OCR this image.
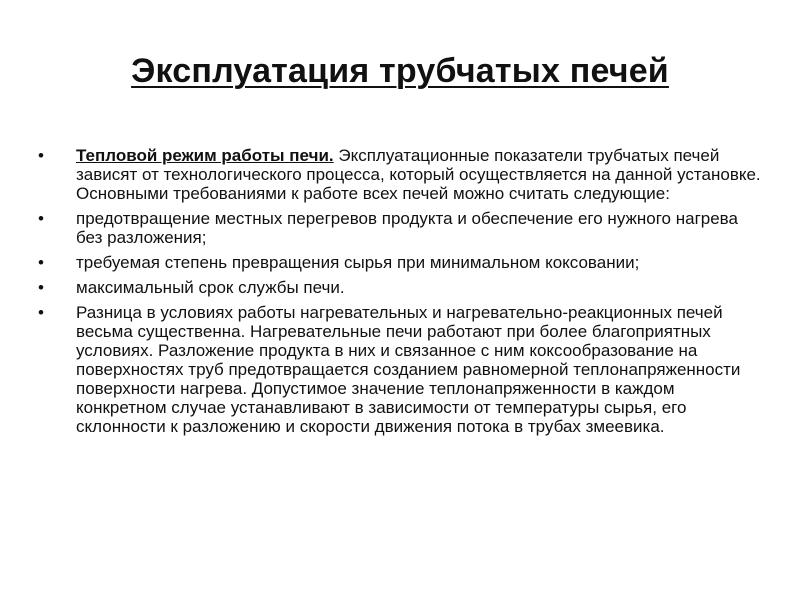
Эксплуатация трубчатых печей
•	Тепловой режим работы печи. Эксплуатационные показатели трубчатых печей зависят от технологического процесса, который осуществляется на данной установке. Основными требованиями к работе всех печей можно считать следующие:
•	предотвращение местных перегревов продукта и обеспечение его нужного нагрева без разложения;
•	требуемая степень превращения сырья при минимальном коксовании;
•	максимальный срок службы печи.
•	Разница в условиях работы нагревательных и нагревательно-реакционных печей весьма существенна. Нагревательные печи работают при более благоприятных условиях. Разложение продукта в них и связанное с ним коксообразование на поверхностях труб предотвращается созданием равномерной теплонапряженности поверхности нагрева. Допустимое значение теплонапряженности в каждом конкретном случае устанавливают в зависимости от температуры сырья, его склонности к разложению и скорости движения потока в трубах змеевика.
